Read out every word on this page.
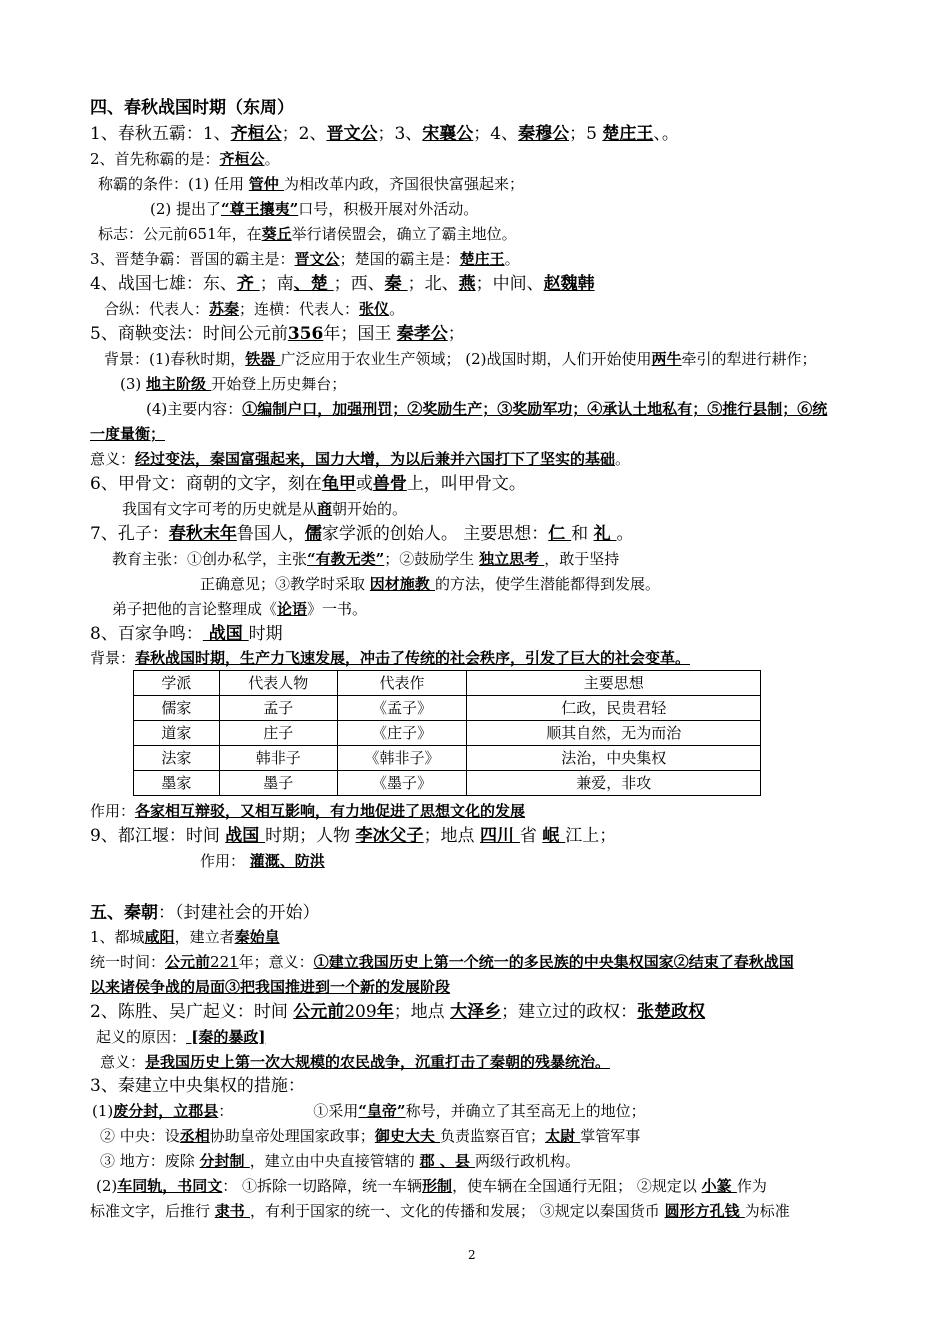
四、春秋战国时期（东周）
1、春秋五霸：1、齐桓公；2、晋文公；3、宋襄公；4、秦穆公；5 楚庄王、。
2、首先称霸的是：齐桓公。
称霸的条件：(1) 任用 管仲 为相改革内政，齐国很快富强起来；
(2) 提出了“尊王攘夷”口号，积极开展对外活动。
标志：公元前651年，在葵丘举行诸侯盟会，确立了霸主地位。
3、晋楚争霸：晋国的霸主是：晋文公；楚国的霸主是：楚庄王。
4、战国七雄：东、齐 ；南、楚 ；西、秦 ；北、燕；中间、赵魏韩
合纵：代表人：苏秦；连横：代表人：张仪。
5、商鞅变法：时间公元前356年；国王 秦孝公；
背景：(1)春秋时期，铁器 广泛应用于农业生产领域； (2)战国时期，人们开始使用两牛牵引的犁进行耕作；
(3) 地主阶级 开始登上历史舞台；
(4)主要内容：①编制户口，加强刑罚；②奖励生产；③奖励军功；④承认土地私有；⑤推行县制；⑥统
一度量衡；
意义：经过变法，秦国富强起来，国力大增，为以后兼并六国打下了坚实的基础。
6、甲骨文：商朝的文字，刻在龟甲或兽骨上，叫甲骨文。
我国有文字可考的历史就是从商朝开始的。
7、孔子：春秋末年鲁国人，儒家学派的创始人。 主要思想：仁 和 礼 。
教育主张：①创办私学，主张“有教无类”；②鼓励学生 独立思考 ，敢于坚持
正确意见；③教学时采取 因材施教 的方法，使学生潜能都得到发展。
弟子把他的言论整理成《论语》一书。
8、百家争鸣： 战国 时期
背景：春秋战国时期，生产力飞速发展，冲击了传统的社会秩序，引发了巨大的社会变革。
学派	代表人物	代表作	主要思想
儒家	孟子	《孟子》	仁政，民贵君轻
道家	庄子	《庄子》	顺其自然，无为而治
法家	韩非子	《韩非子》	法治，中央集权
墨家	墨子	《墨子》	兼爱，非攻
作用：各家相互辩驳，又相互影响，有力地促进了思想文化的发展
9、都江堰：时间 战国 时期；人物 李冰父子；地点 四川 省 岷 江上；
作用： 灌溉、防洪
五、秦朝：（封建社会的开始）
1、都城咸阳，建立者秦始皇
统一时间：公元前221年；意义：①建立我国历史上第一个统一的多民族的中央集权国家②结束了春秋战国
以来诸侯争战的局面③把我国推进到一个新的发展阶段
2、陈胜、吴广起义：时间 公元前209年；地点 大泽乡；建立过的政权：张楚政权
起义的原因： [秦的暴政]
意义：是我国历史上第一次大规模的农民战争，沉重打击了秦朝的残暴统治。
3、秦建立中央集权的措施：
(1)废分封，立郡县：	①采用“皇帝”称号，并确立了其至高无上的地位；
② 中央：设丞相协助皇帝处理国家政事；御史大夫 负责监察百官；太尉 掌管军事
③ 地方：废除 分封制 ，建立由中央直接管辖的 郡 、县 两级行政机构。
(2)车同轨，书同文： ①拆除一切路障，统一车辆形制，使车辆在全国通行无阻； ②规定以 小篆 作为
标准文字，后推行 隶书 ，有利于国家的统一、文化的传播和发展； ③规定以秦国货币 圆形方孔钱 为标准
2
